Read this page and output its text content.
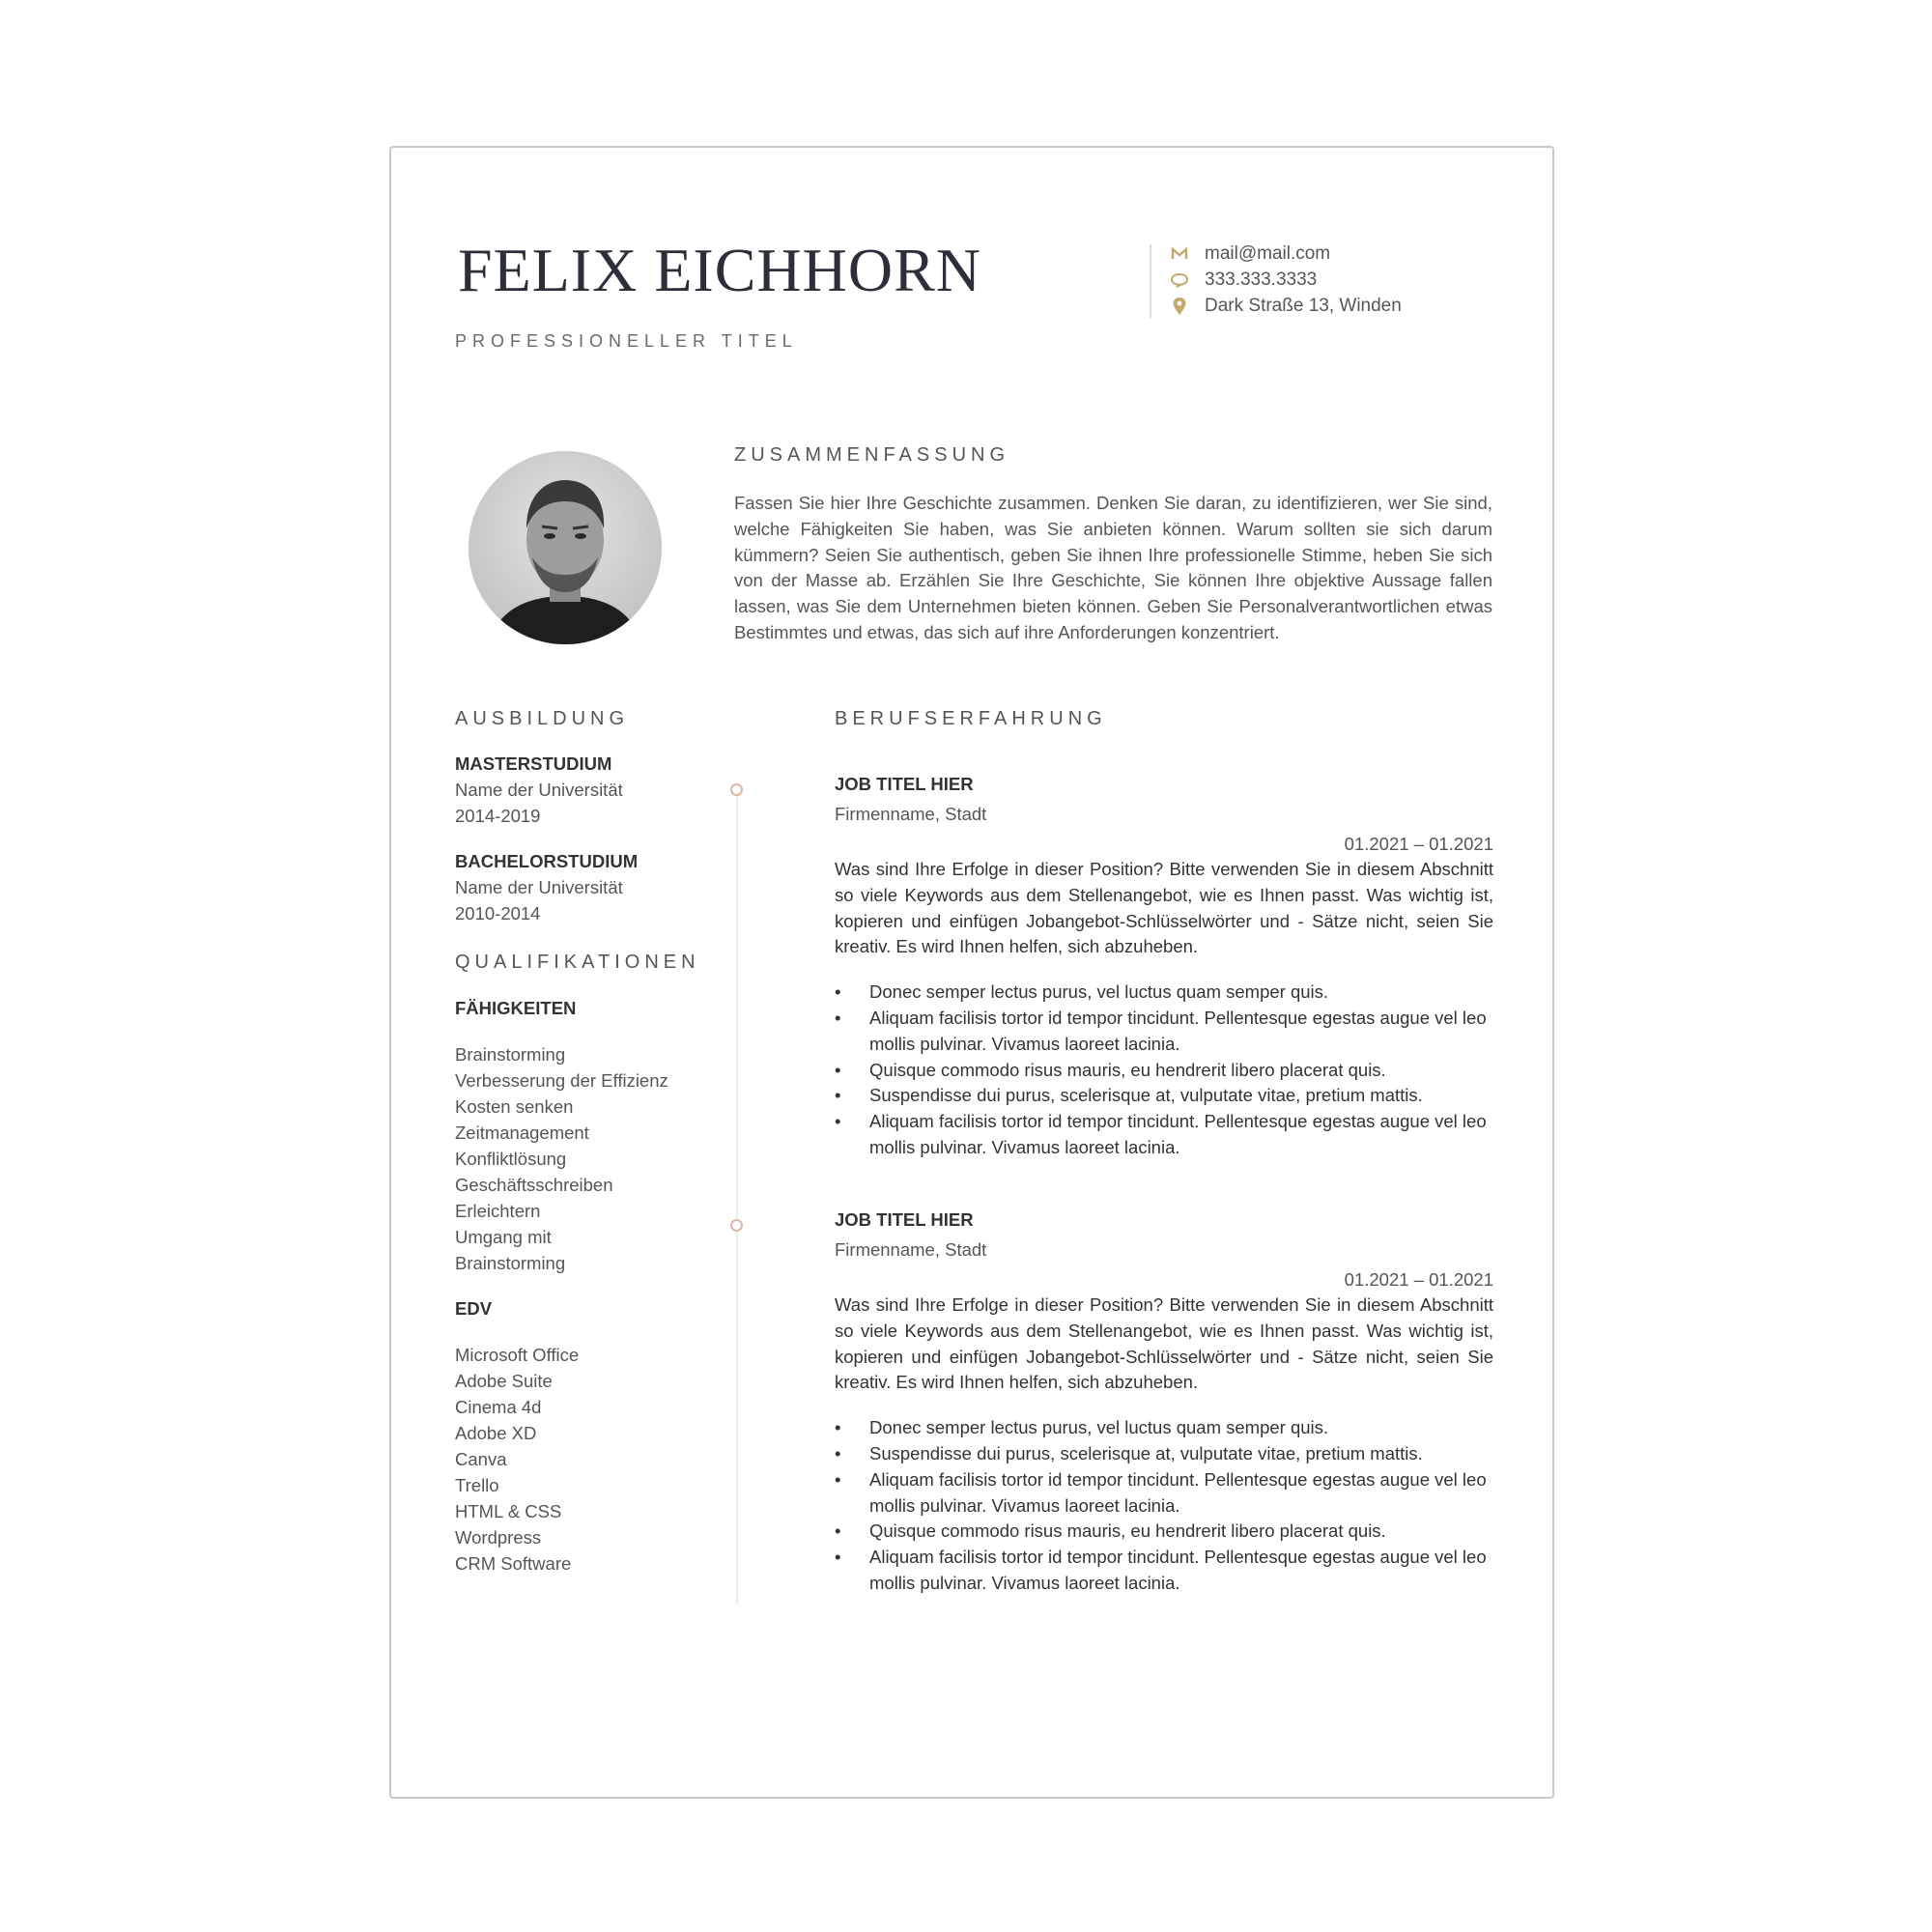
FELIX EICHHORN
PROFESSIONELLER TITEL
mail@mail.com
333.333.3333
Dark Straße 13, Winden
ZUSAMMENFASSUNG
Fassen Sie hier Ihre Geschichte zusammen. Denken Sie daran, zu identifizieren, wer Sie sind, welche Fähigkeiten Sie haben, was Sie anbieten können. Warum sollten sie sich darum kümmern? Seien Sie authentisch, geben Sie ihnen Ihre professionelle Stimme, heben Sie sich von der Masse ab. Erzählen Sie Ihre Geschichte, Sie können Ihre objektive Aussage fallen lassen, was Sie dem Unternehmen bieten können. Geben Sie Personalverantwortlichen etwas Bestimmtes und etwas, das sich auf ihre Anforderungen konzentriert.
AUSBILDUNG
MASTERSTUDIUM
Name der Universität
2014-2019
BACHELORSTUDIUM
Name der Universität
2010-2014
QUALIFIKATIONEN
FÄHIGKEITEN
Brainstorming
Verbesserung der Effizienz
Kosten senken
Zeitmanagement
Konfliktlösung
Geschäftsschreiben
Erleichtern
Umgang mit
Brainstorming
EDV
Microsoft Office
Adobe Suite
Cinema 4d
Adobe XD
Canva
Trello
HTML & CSS
Wordpress
CRM Software
BERUFSERFAHRUNG
JOB TITEL HIER
Firmenname, Stadt
01.2021 – 01.2021
Was sind Ihre Erfolge in dieser Position? Bitte verwenden Sie in diesem Abschnitt so viele Keywords aus dem Stellenangebot, wie es Ihnen passt. Was wichtig ist, kopieren und einfügen Jobangebot-Schlüsselwörter und - Sätze nicht, seien Sie kreativ. Es wird Ihnen helfen, sich abzuheben.
• Donec semper lectus purus, vel luctus quam semper quis.
• Aliquam facilisis tortor id tempor tincidunt. Pellentesque egestas augue vel leo mollis pulvinar. Vivamus laoreet lacinia.
• Quisque commodo risus mauris, eu hendrerit libero placerat quis.
• Suspendisse dui purus, scelerisque at, vulputate vitae, pretium mattis.
• Aliquam facilisis tortor id tempor tincidunt. Pellentesque egestas augue vel leo mollis pulvinar. Vivamus laoreet lacinia.
JOB TITEL HIER
Firmenname, Stadt
01.2021 – 01.2021
Was sind Ihre Erfolge in dieser Position? Bitte verwenden Sie in diesem Abschnitt so viele Keywords aus dem Stellenangebot, wie es Ihnen passt. Was wichtig ist, kopieren und einfügen Jobangebot-Schlüsselwörter und - Sätze nicht, seien Sie kreativ. Es wird Ihnen helfen, sich abzuheben.
• Donec semper lectus purus, vel luctus quam semper quis.
• Suspendisse dui purus, scelerisque at, vulputate vitae, pretium mattis.
• Aliquam facilisis tortor id tempor tincidunt. Pellentesque egestas augue vel leo mollis pulvinar. Vivamus laoreet lacinia.
• Quisque commodo risus mauris, eu hendrerit libero placerat quis.
• Aliquam facilisis tortor id tempor tincidunt. Pellentesque egestas augue vel leo mollis pulvinar. Vivamus laoreet lacinia.
